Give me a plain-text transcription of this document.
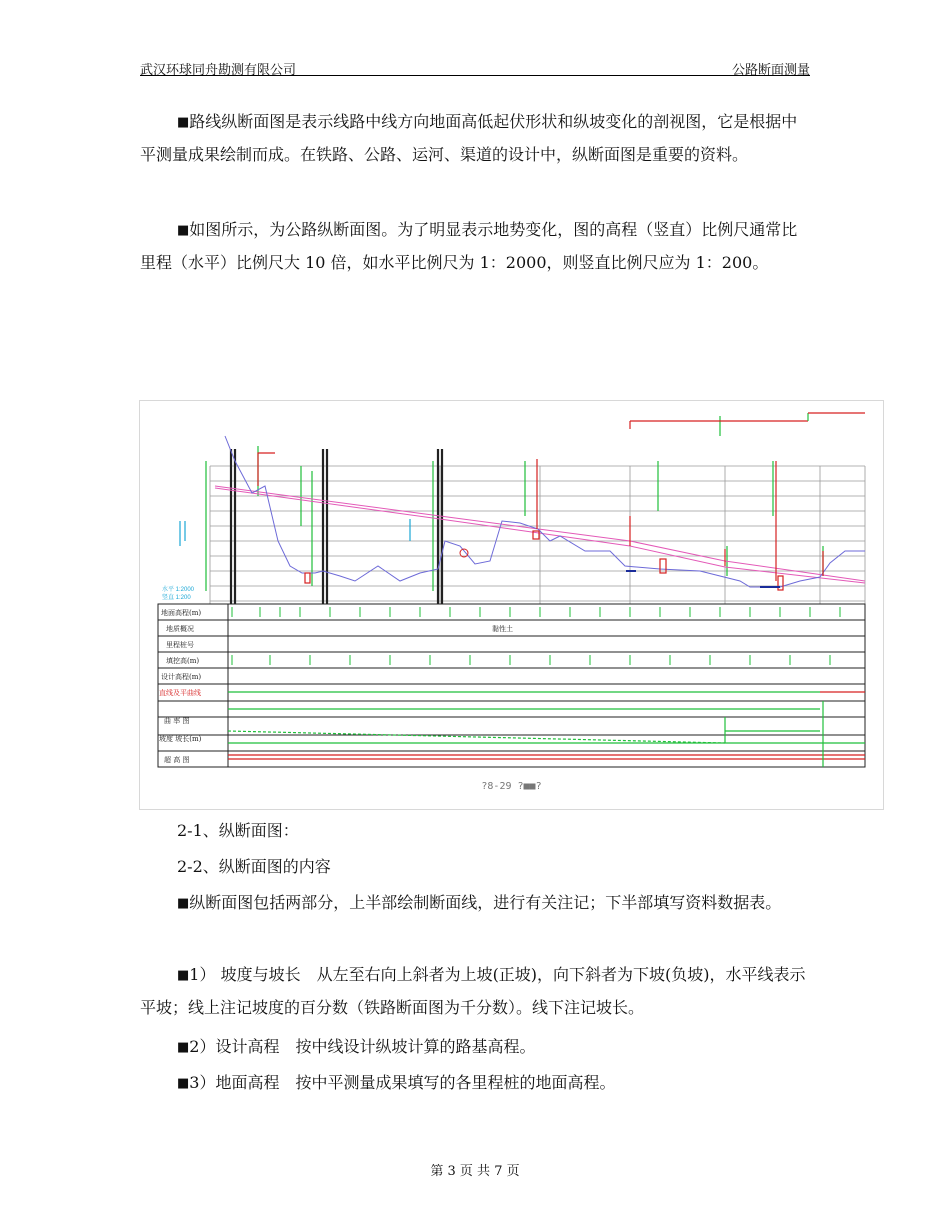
武汉环球同舟勘测有限公司	公路断面测量

■路线纵断面图是表示线路中线方向地面高低起伏形状和纵坡变化的剖视图，它是根据中平测量成果绘制而成。在铁路、公路、运河、渠道的设计中，纵断面图是重要的资料。

■如图所示，为公路纵断面图。为了明显表示地势变化，图的高程（竖直）比例尺通常比里程（水平）比例尺大 10 倍，如水平比例尺为 1：2000，则竖直比例尺应为 1：200。

水平 1:2000
竖直 1:200
地面高程(m)
地质概况
里程桩号
填挖高(m)
设计高程(m)
直线及平曲线
曲 率 图
坡度 坡长(m)
超 高 图
黏性土
?8-29 ?■■?

2-1、纵断面图：

2-2、纵断面图的内容

■纵断面图包括两部分，上半部绘制断面线，进行有关注记；下半部填写资料数据表。

■1） 坡度与坡长　从左至右向上斜者为上坡(正坡)，向下斜者为下坡(负坡)，水平线表示平坡；线上注记坡度的百分数（铁路断面图为千分数）。线下注记坡长。

■2）设计高程　按中线设计纵坡计算的路基高程。

■3）地面高程　按中平测量成果填写的各里程桩的地面高程。

第 3 页 共 7 页
